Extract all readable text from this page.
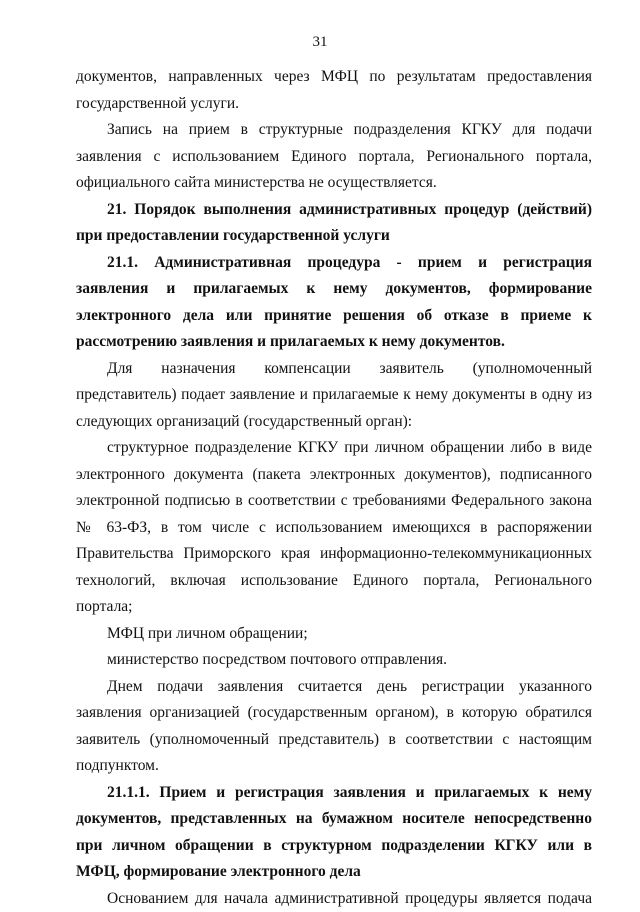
31

документов, направленных через МФЦ по результатам предоставления государственной услуги.

Запись на прием в структурные подразделения КГКУ для подачи заявления с использованием Единого портала, Регионального портала, официального сайта министерства не осуществляется.

21. Порядок выполнения административных процедур (действий) при предоставлении государственной услуги

21.1. Административная процедура - прием и регистрация заявления и прилагаемых к нему документов, формирование электронного дела или принятие решения об отказе в приеме к рассмотрению заявления и прилагаемых к нему документов.

Для назначения компенсации заявитель (уполномоченный представитель) подает заявление и прилагаемые к нему документы в одну из следующих организаций (государственный орган):

структурное подразделение КГКУ при личном обращении либо в виде электронного документа (пакета электронных документов), подписанного электронной подписью в соответствии с требованиями Федерального закона № 63-ФЗ, в том числе с использованием имеющихся в распоряжении Правительства Приморского края информационно-телекоммуникационных технологий, включая использование Единого портала, Регионального портала;

МФЦ при личном обращении;

министерство посредством почтового отправления.

Днем подачи заявления считается день регистрации указанного заявления организацией (государственным органом), в которую обратился заявитель (уполномоченный представитель) в соответствии с настоящим подпунктом.

21.1.1. Прием и регистрация заявления и прилагаемых к нему документов, представленных на бумажном носителе непосредственно при личном обращении в структурном подразделении КГКУ или в МФЦ, формирование электронного дела

Основанием для начала административной процедуры является подача
